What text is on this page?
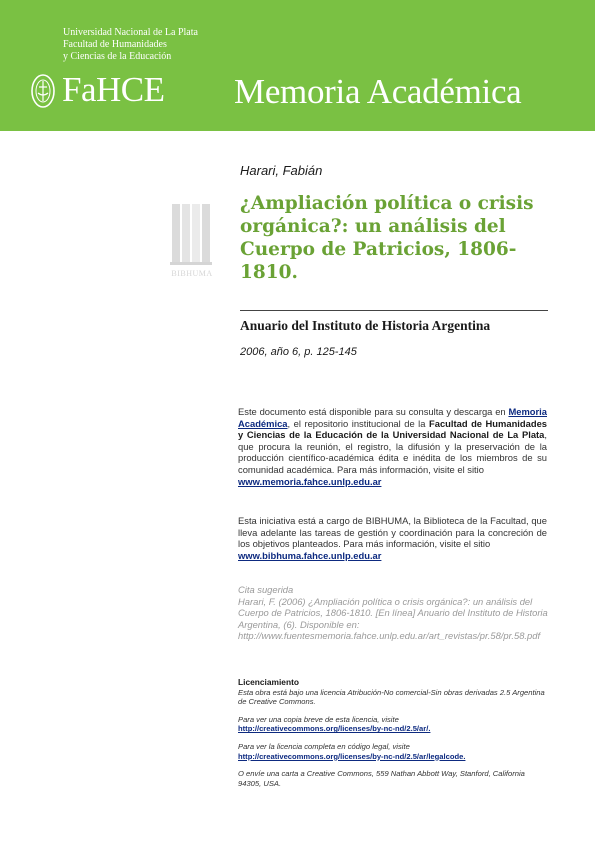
Universidad Nacional de La Plata
Facultad de Humanidades
y Ciencias de la Educación
FaHCE Memoria Académica
BIBHUMA
Harari, Fabián
¿Ampliación política o crisis orgánica?: un análisis del Cuerpo de Patricios, 1806-1810.
Anuario del Instituto de Historia Argentina
2006, año 6, p. 125-145
Este documento está disponible para su consulta y descarga en Memoria Académica, el repositorio institucional de la Facultad de Humanidades y Ciencias de la Educación de la Universidad Nacional de La Plata, que procura la reunión, el registro, la difusión y la preservación de la producción científico-académica édita e inédita de los miembros de su comunidad académica. Para más información, visite el sitio
www.memoria.fahce.unlp.edu.ar
Esta iniciativa está a cargo de BIBHUMA, la Biblioteca de la Facultad, que lleva adelante las tareas de gestión y coordinación para la concreción de los objetivos planteados. Para más información, visite el sitio
www.bibhuma.fahce.unlp.edu.ar
Cita sugerida
Harari, F. (2006) ¿Ampliación política o crisis orgánica?: un análisis del Cuerpo de Patricios, 1806-1810. [En línea] Anuario del Instituto de Historia Argentina, (6). Disponible en:
http://www.fuentesmemoria.fahce.unlp.edu.ar/art_revistas/pr.58/pr.58.pdf
Licenciamiento
Esta obra está bajo una licencia Atribución-No comercial-Sin obras derivadas 2.5 Argentina de Creative Commons.
Para ver una copia breve de esta licencia, visite
http://creativecommons.org/licenses/by-nc-nd/2.5/ar/.
Para ver la licencia completa en código legal, visite
http://creativecommons.org/licenses/by-nc-nd/2.5/ar/legalcode.
O envíe una carta a Creative Commons, 559 Nathan Abbott Way, Stanford, California 94305, USA.
